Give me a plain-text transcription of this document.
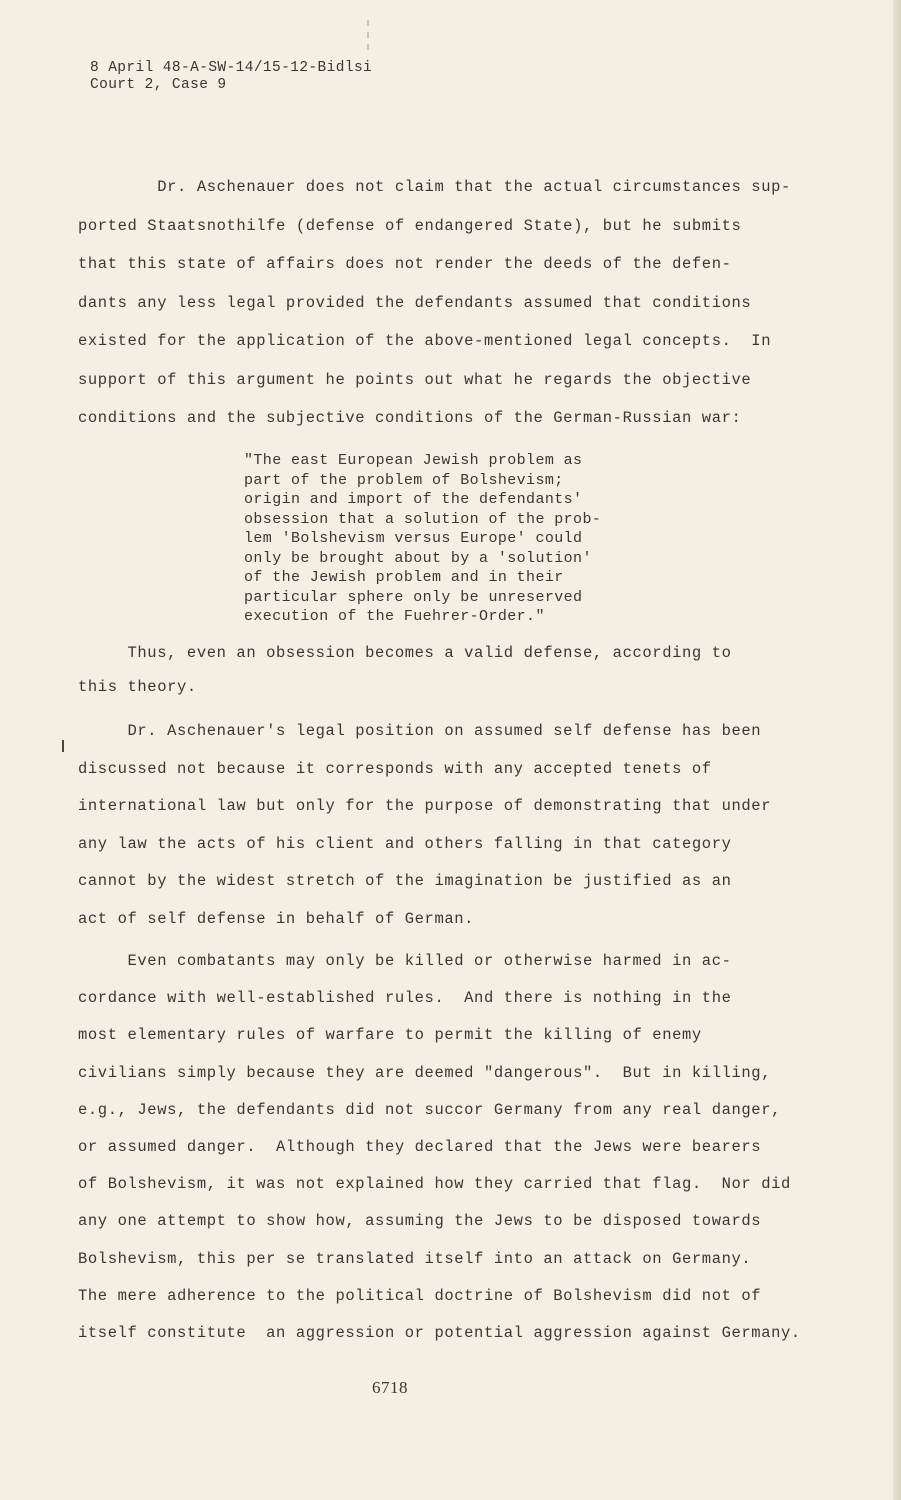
8 April 48-A-SW-14/15-12-Bidlsi
Court 2, Case 9
Dr. Aschenauer does not claim that the actual circumstances sup-
ported Staatsnothilfe (defense of endangered State), but he submits
that this state of affairs does not render the deeds of the defen-
dants any less legal provided the defendants assumed that conditions
existed for the application of the above-mentioned legal concepts.  In
support of this argument he points out what he regards the objective
conditions and the subjective conditions of the German-Russian war:
"The east European Jewish problem as
part of the problem of Bolshevism;
origin and import of the defendants'
obsession that a solution of the prob-
lem 'Bolshevism versus Europe' could
only be brought about by a 'solution'
of the Jewish problem and in their
particular sphere only be unreserved
execution of the Fuehrer-Order."
Thus, even an obsession becomes a valid defense, according to
this theory.
Dr. Aschenauer's legal position on assumed self defense has been
discussed not because it corresponds with any accepted tenets of
international law but only for the purpose of demonstrating that under
any law the acts of his client and others falling in that category
cannot by the widest stretch of the imagination be justified as an
act of self defense in behalf of German.
Even combatants may only be killed or otherwise harmed in ac-
cordance with well-established rules.  And there is nothing in the
most elementary rules of warfare to permit the killing of enemy
civilians simply because they are deemed "dangerous".  But in killing,
e.g., Jews, the defendants did not succor Germany from any real danger,
or assumed danger.  Although they declared that the Jews were bearers
of Bolshevism, it was not explained how they carried that flag.  Nor did
any one attempt to show how, assuming the Jews to be disposed towards
Bolshevism, this per se translated itself into an attack on Germany.
The mere adherence to the political doctrine of Bolshevism did not of
itself constitute  an aggression or potential aggression against Germany.
6718
